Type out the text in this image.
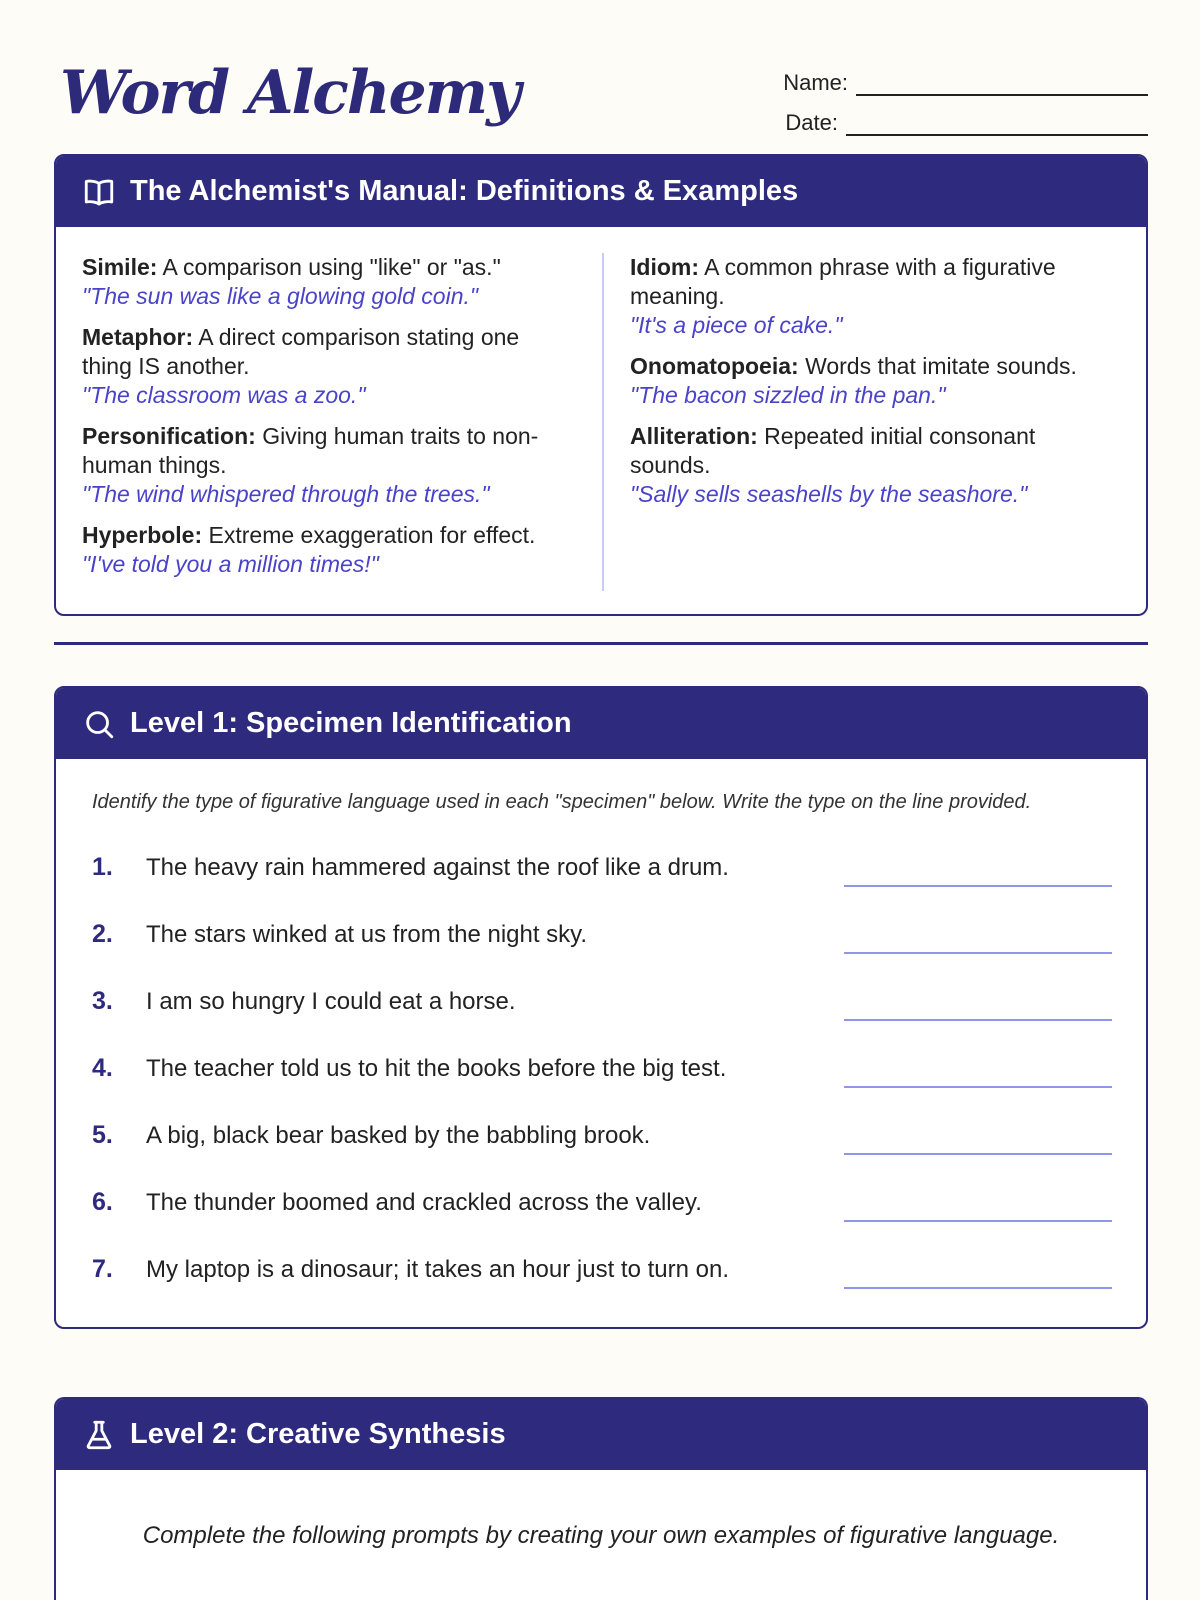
Word Alchemy	Name:
Date:
The Alchemist's Manual: Definitions & Examples
Simile: A comparison using "like" or "as."
"The sun was like a glowing gold coin."
Metaphor: A direct comparison stating one thing IS another.
"The classroom was a zoo."
Personification: Giving human traits to non-human things.
"The wind whispered through the trees."
Hyperbole: Extreme exaggeration for effect.
"I've told you a million times!"
Idiom: A common phrase with a figurative meaning.
"It's a piece of cake."
Onomatopoeia: Words that imitate sounds.
"The bacon sizzled in the pan."
Alliteration: Repeated initial consonant sounds.
"Sally sells seashells by the seashore."
Level 1: Specimen Identification

Identify the type of figurative language used in each "specimen" below. Write the type on the line provided.

1.	The heavy rain hammered against the roof like a drum.
2.	The stars winked at us from the night sky.
3.	I am so hungry I could eat a horse.
4.	The teacher told us to hit the books before the big test.
5.	A big, black bear basked by the babbling brook.
6.	The thunder boomed and crackled across the valley.
7.	My laptop is a dinosaur; it takes an hour just to turn on.
Level 2: Creative Synthesis

Complete the following prompts by creating your own examples of figurative language.
